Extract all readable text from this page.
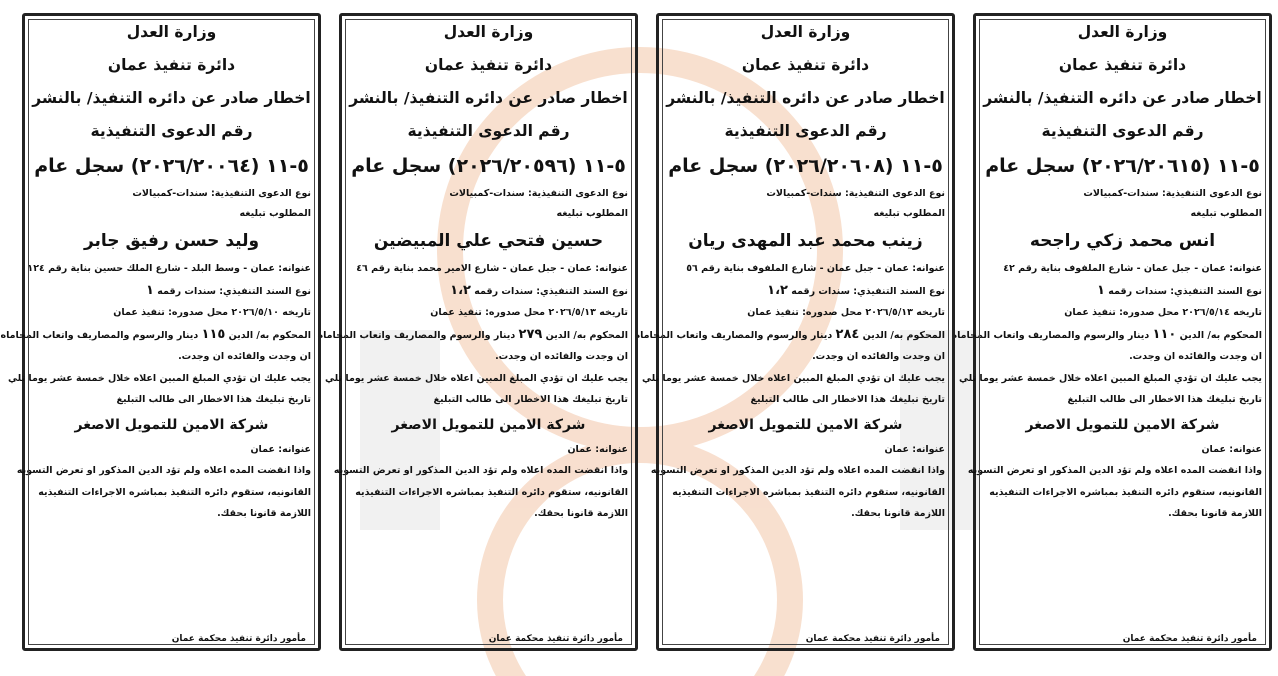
وزارة العدل
دائرة تنفيذ عمان
اخطار صادر عن دائره التنفيذ/ بالنشر
رقم الدعوى التنفيذية
٥-١١ (٢٠٢٦/٢٠٦١٥) سجل عام
نوع الدعوى التنفيذية: سندات-كمبيالات
المطلوب تبليغه
انس محمد زكي راجحه
عنوانه: عمان - جبل عمان - شارع الملفوف بناية رقم ٤٢
نوع السند التنفيذي: سندات رقمه ١
تاريخه ٢٠٢٦/٥/١٤ محل صدوره: تنفيذ عمان
المحكوم به/ الدين ١١٠ دينار والرسوم والمصاريف واتعاب المحاماه
ان وجدت والفائده ان وجدت.
يجب عليك ان تؤدي المبلغ المبين اعلاه خلال خمسة عشر يوما تلي
تاريخ تبليغك هذا الاخطار الى طالب التبليغ
شركة الامين للتمويل الاصغر
عنوانه: عمان
واذا انقضت المده اعلاه ولم تؤد الدين المذكور او تعرض التسويه
القانونيه، ستقوم دائره التنفيذ بمباشره الاجراءات التنفيذيه
اللازمة قانونا بحقك.
مأمور دائرة تنفيذ محكمة عمان
وزارة العدل
دائرة تنفيذ عمان
اخطار صادر عن دائره التنفيذ/ بالنشر
رقم الدعوى التنفيذية
٥-١١ (٢٠٢٦/٢٠٦٠٨) سجل عام
نوع الدعوى التنفيذية: سندات-كمبيالات
المطلوب تبليغه
زينب محمد عبد المهدى ريان
عنوانه: عمان - جبل عمان - شارع الملفوف بناية رقم ٥٦
نوع السند التنفيذي: سندات رقمه ١،٢
تاريخه ٢٠٢٦/٥/١٣ محل صدوره: تنفيذ عمان
المحكوم به/ الدين ٢٨٤ دينار والرسوم والمصاريف واتعاب المحاماه
ان وجدت والفائده ان وجدت.
يجب عليك ان تؤدي المبلغ المبين اعلاه خلال خمسة عشر يوما تلي
تاريخ تبليغك هذا الاخطار الى طالب التبليغ
شركة الامين للتمويل الاصغر
عنوانه: عمان
واذا انقضت المده اعلاه ولم تؤد الدين المذكور او تعرض التسويه
القانونيه، ستقوم دائره التنفيذ بمباشره الاجراءات التنفيذيه
اللازمة قانونا بحقك.
مأمور دائرة تنفيذ محكمة عمان
وزارة العدل
دائرة تنفيذ عمان
اخطار صادر عن دائره التنفيذ/ بالنشر
رقم الدعوى التنفيذية
٥-١١ (٢٠٢٦/٢٠٥٩٦) سجل عام
نوع الدعوى التنفيذية: سندات-كمبيالات
المطلوب تبليغه
حسين فتحي علي المبيضين
عنوانه: عمان - جبل عمان - شارع الامير محمد بناية رقم ٤٦
نوع السند التنفيذي: سندات رقمه ١،٢
تاريخه ٢٠٢٦/٥/١٣ محل صدوره: تنفيذ عمان
المحكوم به/ الدين ٢٧٩ دينار والرسوم والمصاريف واتعاب المحاماه
ان وجدت والفائده ان وجدت.
يجب عليك ان تؤدي المبلغ المبين اعلاه خلال خمسة عشر يوما تلي
تاريخ تبليغك هذا الاخطار الى طالب التبليغ
شركة الامين للتمويل الاصغر
عنوانه: عمان
واذا انقضت المده اعلاه ولم تؤد الدين المذكور او تعرض التسويه
القانونيه، ستقوم دائره التنفيذ بمباشره الاجراءات التنفيذيه
اللازمة قانونا بحقك.
مأمور دائرة تنفيذ محكمة عمان
وزارة العدل
دائرة تنفيذ عمان
اخطار صادر عن دائره التنفيذ/ بالنشر
رقم الدعوى التنفيذية
٥-١١ (٢٠٢٦/٢٠٠٦٤) سجل عام
نوع الدعوى التنفيذية: سندات-كمبيالات
المطلوب تبليغه
وليد حسن رفيق جابر
عنوانه: عمان - وسط البلد - شارع الملك حسين بناية رقم ١٢٤
نوع السند التنفيذي: سندات رقمه ١
تاريخه ٢٠٢٦/٥/١٠ محل صدوره: تنفيذ عمان
المحكوم به/ الدين ١١٥ دينار والرسوم والمصاريف واتعاب المحاماه
ان وجدت والفائده ان وجدت.
يجب عليك ان تؤدي المبلغ المبين اعلاه خلال خمسة عشر يوما تلي
تاريخ تبليغك هذا الاخطار الى طالب التبليغ
شركة الامين للتمويل الاصغر
عنوانه: عمان
واذا انقضت المده اعلاه ولم تؤد الدين المذكور او تعرض التسويه
القانونيه، ستقوم دائره التنفيذ بمباشره الاجراءات التنفيذيه
اللازمة قانونا بحقك.
مأمور دائرة تنفيذ محكمة عمان
